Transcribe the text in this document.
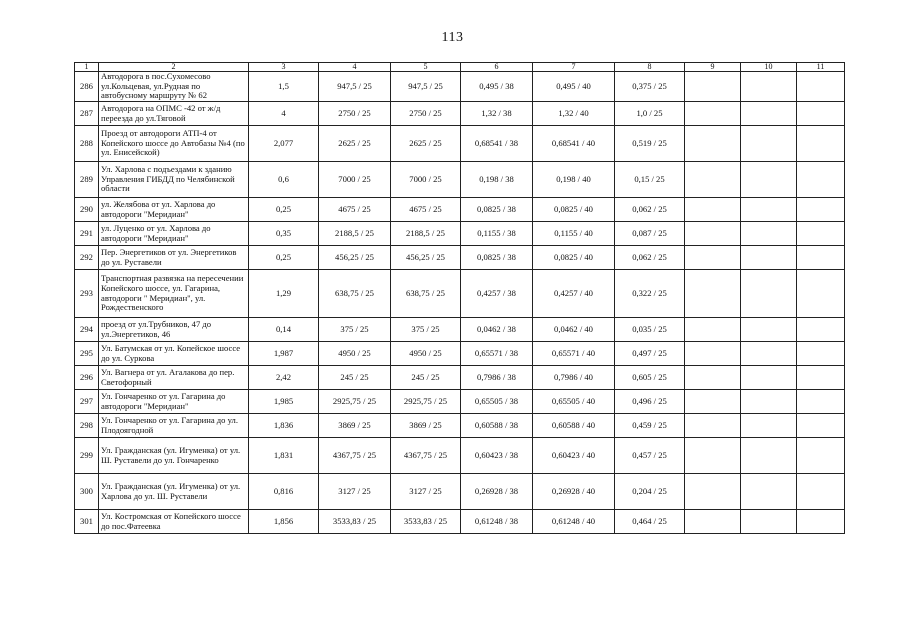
113
1	2	3	4	5	6	7	8	9	10	11
286	Автодорога в пос.Сухомесово ул.Кольцевая, ул.Рудная по автобусному маршруту № 62	1,5	947,5 / 25	947,5 / 25	0,495 / 38	0,495 / 40	0,375 / 25			
287	Автодорога на ОПМС -42 от ж/д переезда до ул.Тяговой	4	2750 / 25	2750 / 25	1,32 / 38	1,32 / 40	1,0 / 25			
288	Проезд от автодороги АТП-4 от Копейского шоссе до Автобазы №4 (по ул. Енисейской)	2,077	2625 / 25	2625 / 25	0,68541 / 38	0,68541 / 40	0,519 / 25			
289	Ул. Харлова с подъездами к зданию Управления ГИБДД по Челябинской области	0,6	7000 / 25	7000 / 25	0,198 / 38	0,198 / 40	0,15 / 25			
290	ул. Желябова от ул. Харлова до автодороги "Меридиан"	0,25	4675 / 25	4675 / 25	0,0825 / 38	0,0825 / 40	0,062 / 25			
291	ул. Луценко от ул. Харлова до автодороги "Меридиан"	0,35	2188,5 / 25	2188,5 / 25	0,1155 / 38	0,1155 / 40	0,087 / 25			
292	Пер. Энергетиков от ул. Энергетиков до ул. Руставели	0,25	456,25 / 25	456,25 / 25	0,0825 / 38	0,0825 / 40	0,062 / 25			
293	Транспортная развязка на пересечении Копейского шоссе, ул. Гагарина, автодороги " Меридиан", ул. Рождественского	1,29	638,75 / 25	638,75 / 25	0,4257 / 38	0,4257 / 40	0,322 / 25			
294	проезд от ул.Трубников, 47 до ул.Энергетиков, 46	0,14	375 / 25	375 / 25	0,0462 / 38	0,0462 / 40	0,035 / 25			
295	Ул. Батумская от ул. Копейское шоссе до ул. Суркова	1,987	4950 / 25	4950 / 25	0,65571 / 38	0,65571 / 40	0,497 / 25			
296	Ул. Вагнера от ул. Агалакова до пер. Светофорный	2,42	245 / 25	245 / 25	0,7986 / 38	0,7986 / 40	0,605 / 25			
297	Ул. Гончаренко от ул. Гагарина до автодороги "Меридиан"	1,985	2925,75 / 25	2925,75 / 25	0,65505 / 38	0,65505 / 40	0,496 / 25			
298	Ул. Гончаренко от ул. Гагарина до ул. Плодоягодной	1,836	3869 / 25	3869 / 25	0,60588 / 38	0,60588 / 40	0,459 / 25			
299	Ул. Гражданская (ул. Игуменка) от ул. Ш. Руставели до ул. Гончаренко	1,831	4367,75 / 25	4367,75 / 25	0,60423 / 38	0,60423 / 40	0,457 / 25			
300	Ул. Гражданская (ул. Игуменка) от ул. Харлова до ул. Ш. Руставели	0,816	3127 / 25	3127 / 25	0,26928 / 38	0,26928 / 40	0,204 / 25			
301	Ул. Костромская от Копейского шоссе до пос.Фатеевка	1,856	3533,83 / 25	3533,83 / 25	0,61248 / 38	0,61248 / 40	0,464 / 25			
